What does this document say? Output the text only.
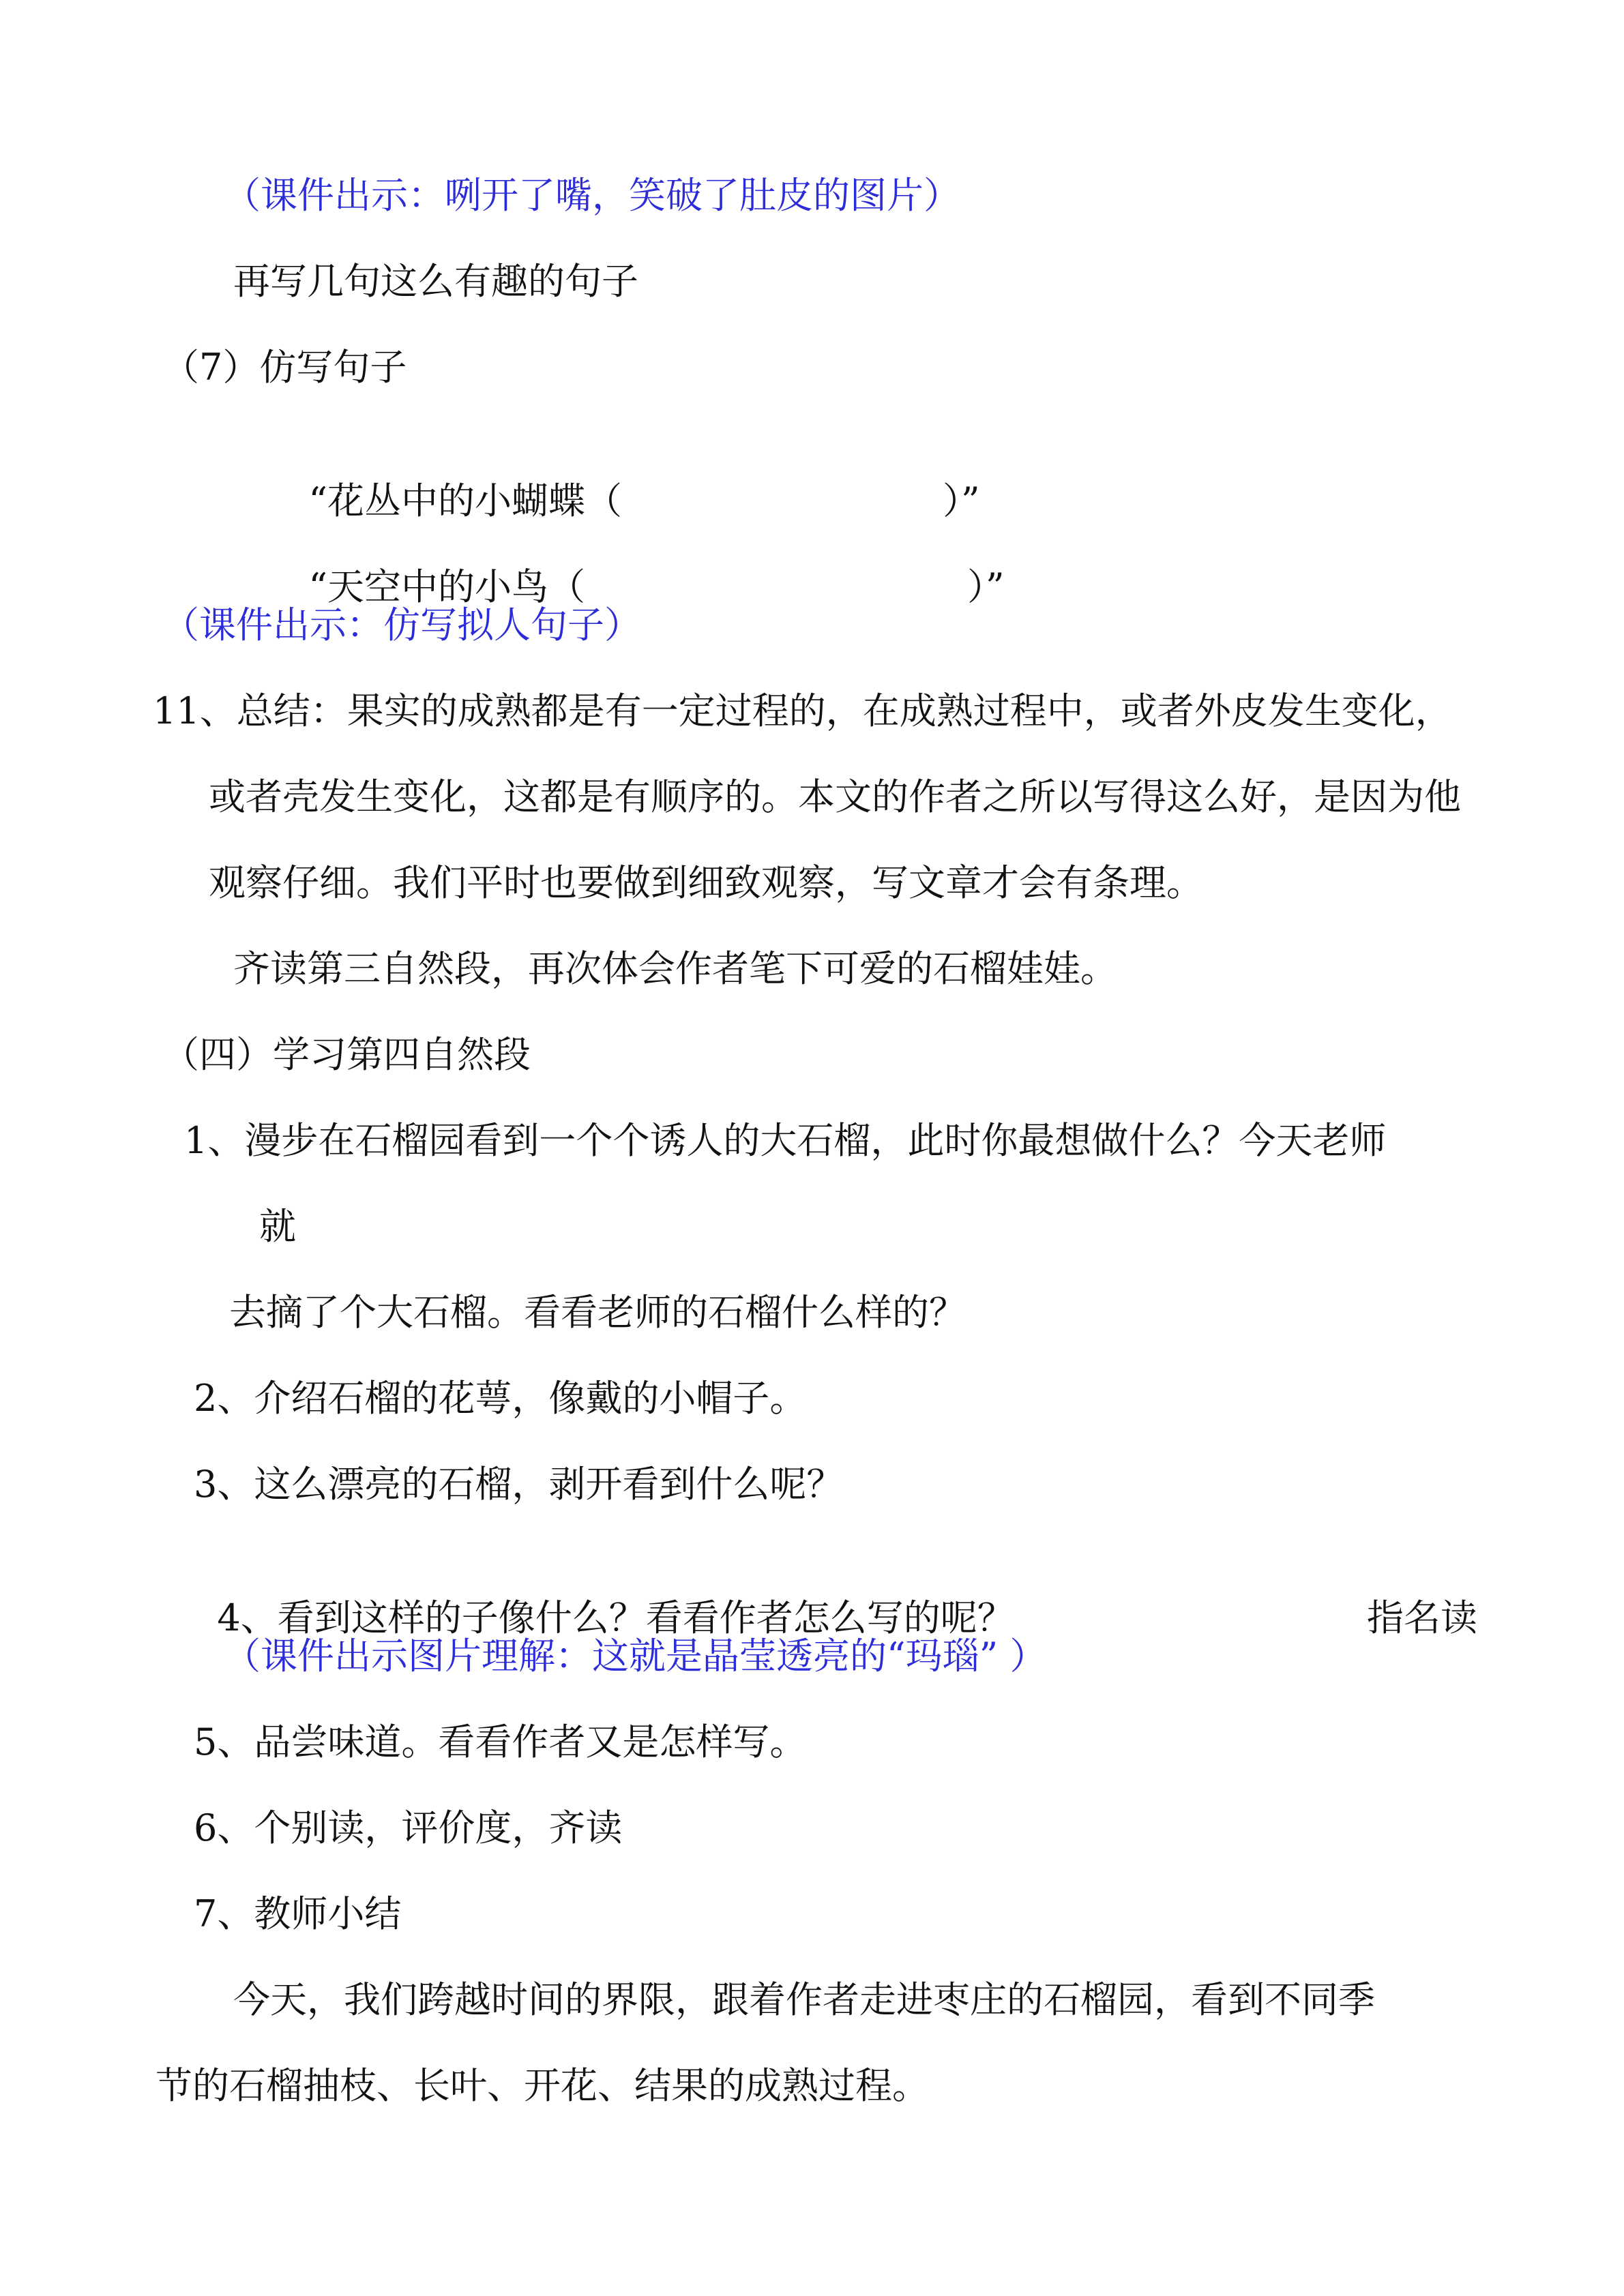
（课件出示：咧开了嘴，笑破了肚皮的图片）
再写几句这么有趣的句子
（7）仿写句子

“花丛中的小蝴蝶（	）”

“天空中的小鸟（	）”

（课件出示：仿写拟人句子）
11、总结：果实的成熟都是有一定过程的，在成熟过程中，或者外皮发生变化，
或者壳发生变化，这都是有顺序的。本文的作者之所以写得这么好，是因为他
观察仔细。我们平时也要做到细致观察，写文章才会有条理。
齐读第三自然段，再次体会作者笔下可爱的石榴娃娃。
（四）学习第四自然段
1、漫步在石榴园看到一个个诱人的大石榴，此时你最想做什么？今天老师
就
去摘了个大石榴。看看老师的石榴什么样的？
2、介绍石榴的花萼，像戴的小帽子。
3、这么漂亮的石榴，剥开看到什么呢？

4、看到这样的子像什么？看看作者怎么写的呢？	指名读

（课件出示图片理解：这就是晶莹透亮的“玛瑙” ）
5、品尝味道。看看作者又是怎样写。
6、个别读，评价度，齐读
7、教师小结
今天，我们跨越时间的界限，跟着作者走进枣庄的石榴园，看到不同季
节的石榴抽枝、长叶、开花、结果的成熟过程。
